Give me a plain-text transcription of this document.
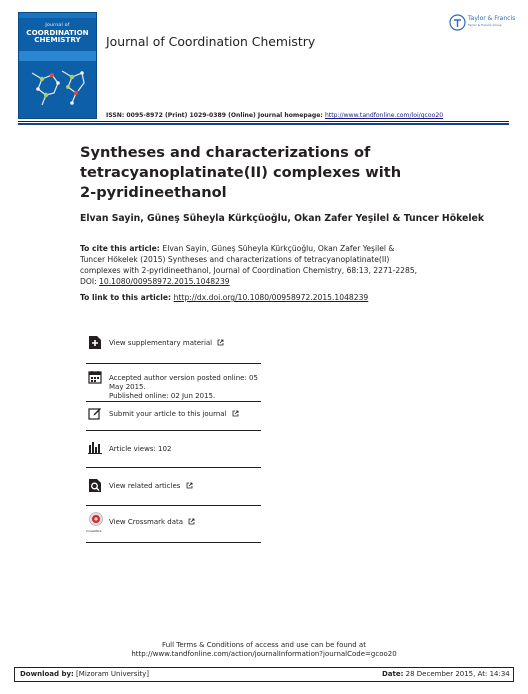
Journal of
COORDINATION
CHEMISTRY	Journal of Coordination Chemistry
Taylor & Francis
Taylor & Francis Group
ISSN: 0095-8972 (Print) 1029-0389 (Online) Journal homepage: http://www.tandfonline.com/loi/gcoo20
Syntheses and characterizations of tetracyanoplatinate(II) complexes with 2-pyridineethanol
Elvan Sayin, Güneş Süheyla Kürkçüoğlu, Okan Zafer Yeşilel & Tuncer Hökelek
To cite this article: Elvan Sayin, Güneş Süheyla Kürkçüoğlu, Okan Zafer Yeşilel & Tuncer Hökelek (2015) Syntheses and characterizations of tetracyanoplatinate(II) complexes with 2-pyridineethanol, Journal of Coordination Chemistry, 68:13, 2271-2285, DOI: 10.1080/00958972.2015.1048239
To link to this article: http://dx.doi.org/10.1080/00958972.2015.1048239
View supplementary material
Accepted author version posted online: 05
May 2015.
Published online: 02 Jun 2015.
Submit your article to this journal
Article views: 102
View related articles
CrossMark
View Crossmark data
Full Terms & Conditions of access and use can be found at
http://www.tandfonline.com/action/journalInformation?journalCode=gcoo20
Download by: [Mizoram University]	Date: 28 December 2015, At: 14:34
